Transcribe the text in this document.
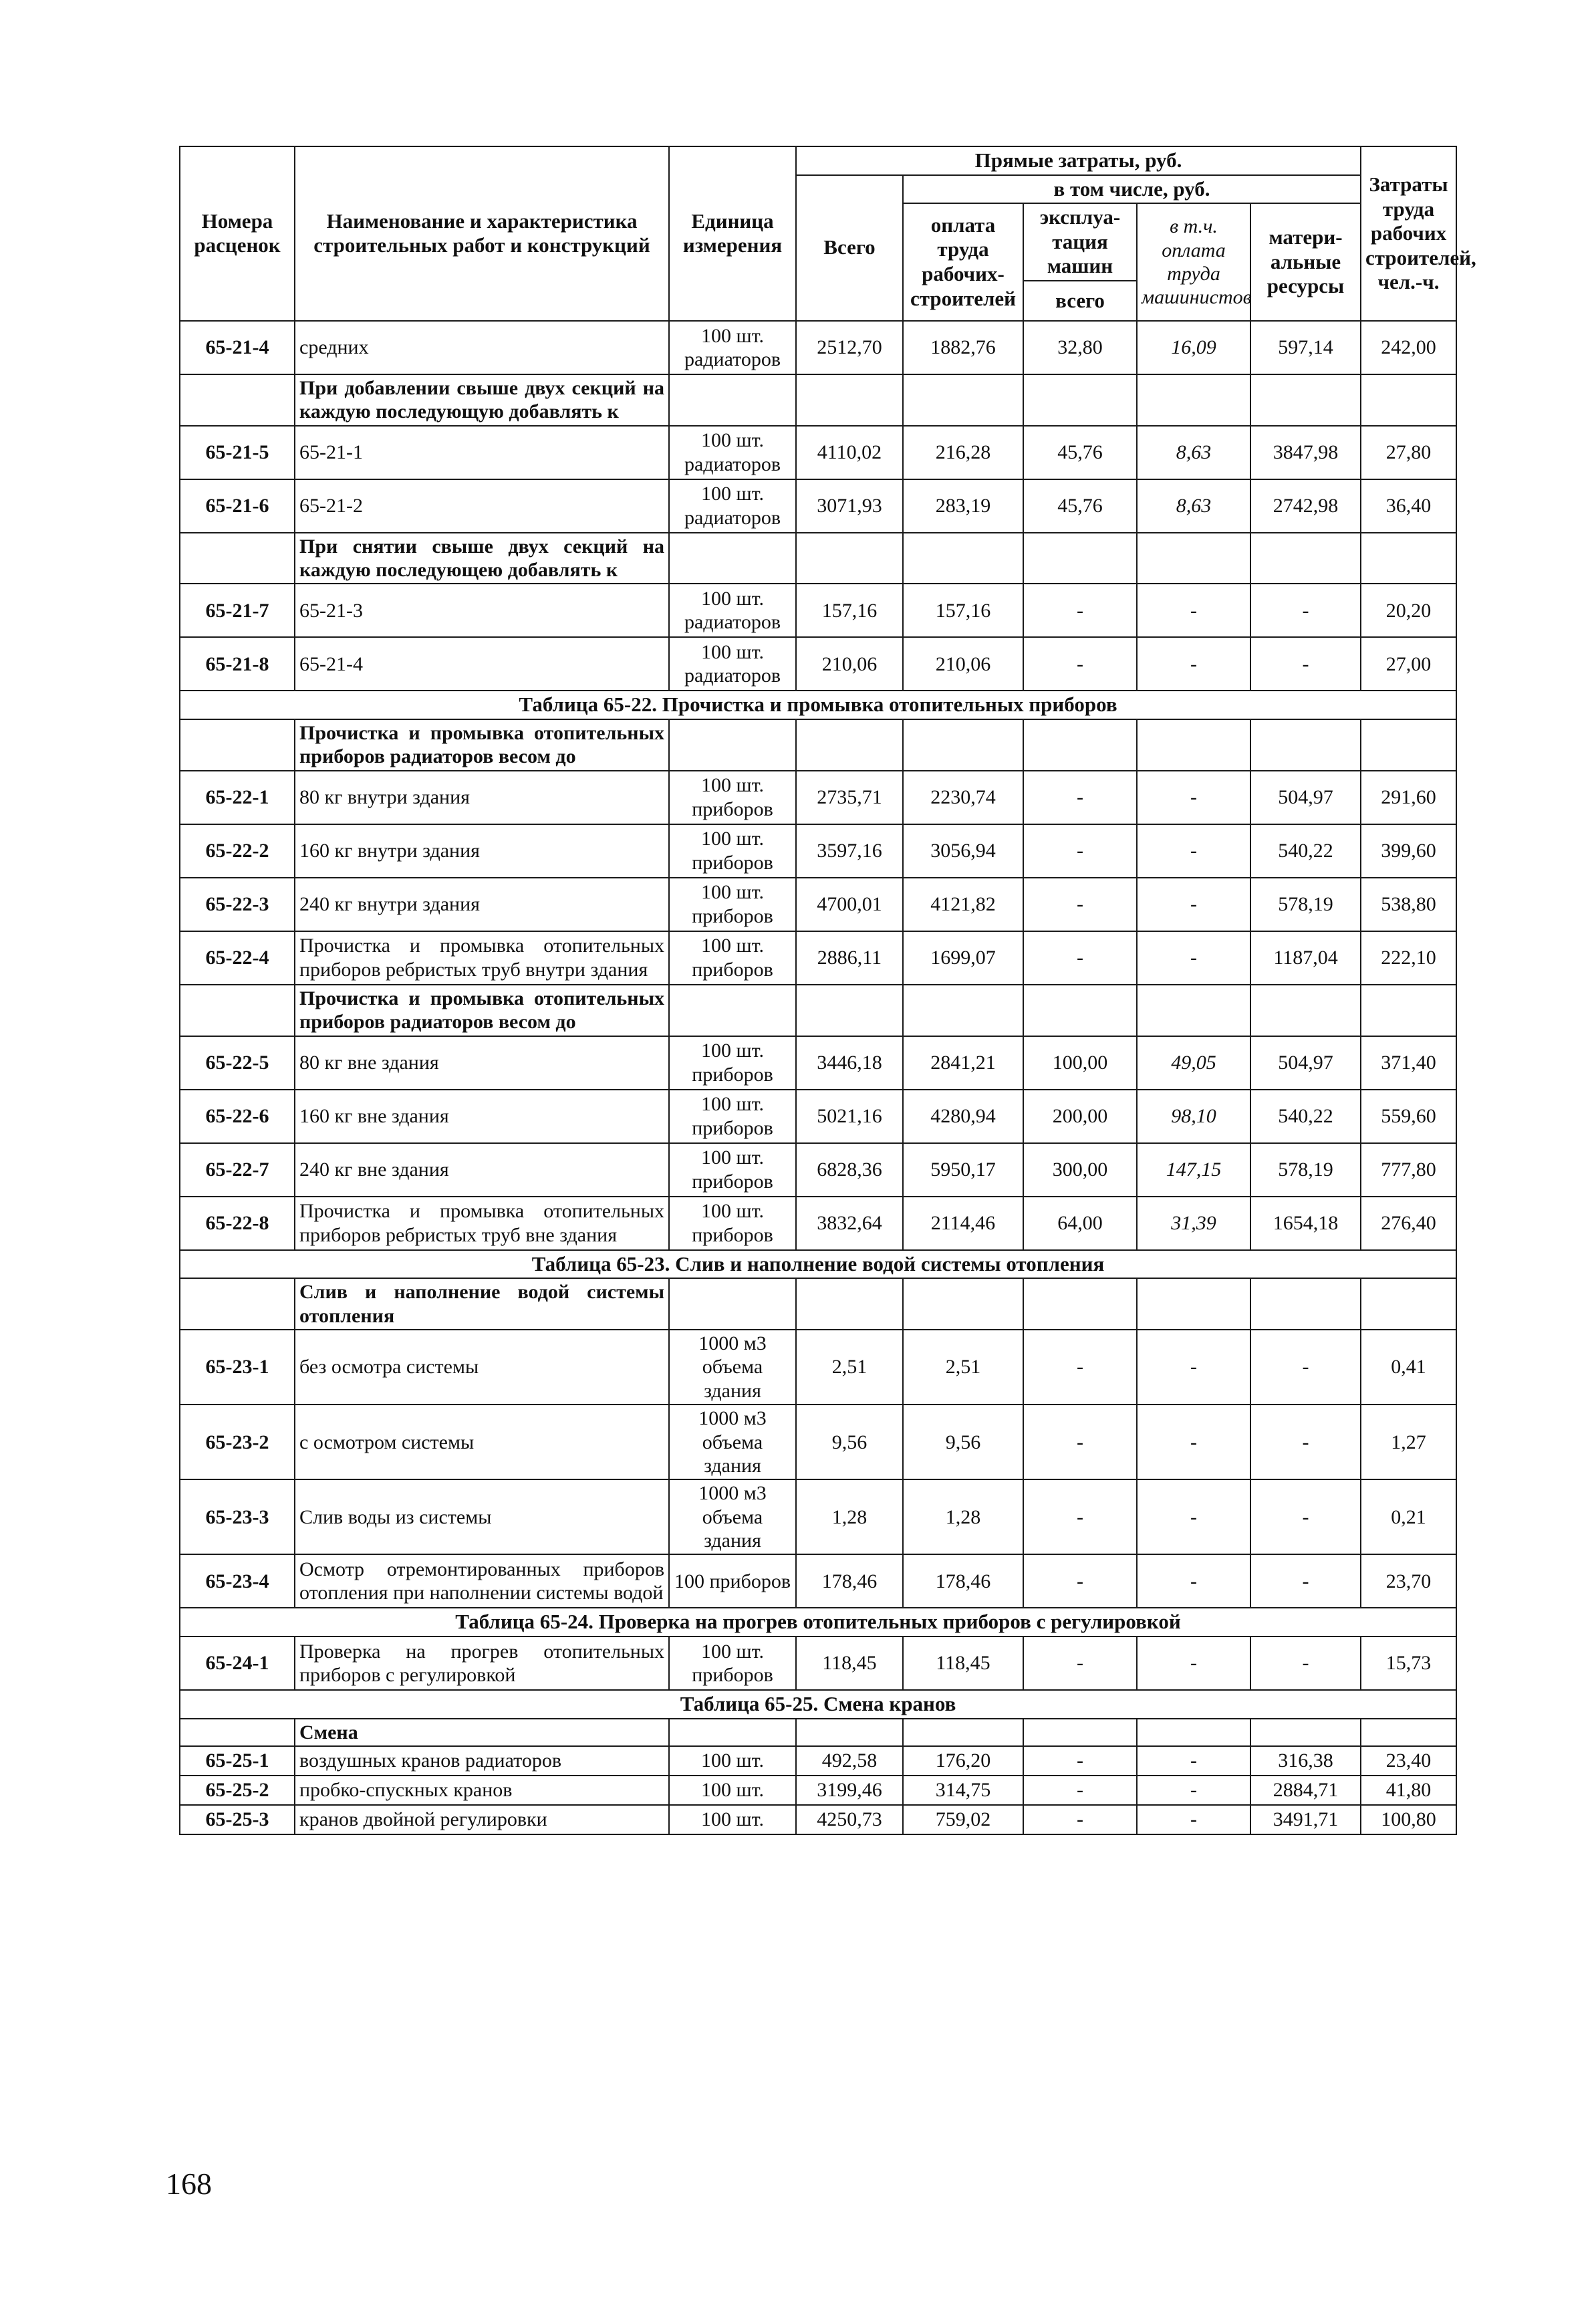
Номера расценок	Наименование и характеристика строительных работ и конструкций	Единица измерения	Прямые затраты, руб.					Затраты труда рабочих строителей, чел.-ч.
			Всего	в том числе, руб.				
				оплата труда рабочих-строителей	эксплуа-тация машин	в т.ч. оплата труда машинистов	матери-альные ресурсы	
					всего			
65-21-4	средних	100 шт. радиаторов	2512,70	1882,76	32,80	16,09	597,14	242,00
	При добавлении свыше двух секций на каждую последующую добавлять к							
65-21-5	65-21-1	100 шт. радиаторов	4110,02	216,28	45,76	8,63	3847,98	27,80
65-21-6	65-21-2	100 шт. радиаторов	3071,93	283,19	45,76	8,63	2742,98	36,40
	При снятии свыше двух секций на каждую последующею добавлять к							
65-21-7	65-21-3	100 шт. радиаторов	157,16	157,16	-	-	-	20,20
65-21-8	65-21-4	100 шт. радиаторов	210,06	210,06	-	-	-	27,00
Таблица 65-22. Прочистка и промывка отопительных приборов								
	Прочистка и промывка отопительных приборов радиаторов весом до							
65-22-1	80 кг внутри здания	100 шт. приборов	2735,71	2230,74	-	-	504,97	291,60
65-22-2	160 кг внутри здания	100 шт. приборов	3597,16	3056,94	-	-	540,22	399,60
65-22-3	240 кг внутри здания	100 шт. приборов	4700,01	4121,82	-	-	578,19	538,80
65-22-4	Прочистка и промывка отопительных приборов ребристых труб внутри здания	100 шт. приборов	2886,11	1699,07	-	-	1187,04	222,10
	Прочистка и промывка отопительных приборов радиаторов весом до							
65-22-5	80 кг вне здания	100 шт. приборов	3446,18	2841,21	100,00	49,05	504,97	371,40
65-22-6	160 кг вне здания	100 шт. приборов	5021,16	4280,94	200,00	98,10	540,22	559,60
65-22-7	240 кг вне здания	100 шт. приборов	6828,36	5950,17	300,00	147,15	578,19	777,80
65-22-8	Прочистка и промывка отопительных приборов ребристых труб вне здания	100 шт. приборов	3832,64	2114,46	64,00	31,39	1654,18	276,40
Таблица 65-23. Слив и наполнение водой системы отопления								
	Слив и наполнение водой системы отопления							
65-23-1	без осмотра системы	1000 м3 объема здания	2,51	2,51	-	-	-	0,41
65-23-2	с осмотром системы	1000 м3 объема здания	9,56	9,56	-	-	-	1,27
65-23-3	Слив воды из системы	1000 м3 объема здания	1,28	1,28	-	-	-	0,21
65-23-4	Осмотр отремонтированных приборов отопления при наполнении системы водой	100 приборов	178,46	178,46	-	-	-	23,70
Таблица 65-24. Проверка на прогрев отопительных приборов с регулировкой								
65-24-1	Проверка на прогрев отопительных приборов с регулировкой	100 шт. приборов	118,45	118,45	-	-	-	15,73
Таблица 65-25. Смена кранов								
	Смена							
65-25-1	воздушных кранов радиаторов	100 шт.	492,58	176,20	-	-	316,38	23,40
65-25-2	пробко-спускных кранов	100 шт.	3199,46	314,75	-	-	2884,71	41,80
65-25-3	кранов двойной регулировки	100 шт.	4250,73	759,02	-	-	3491,71	100,80
168
